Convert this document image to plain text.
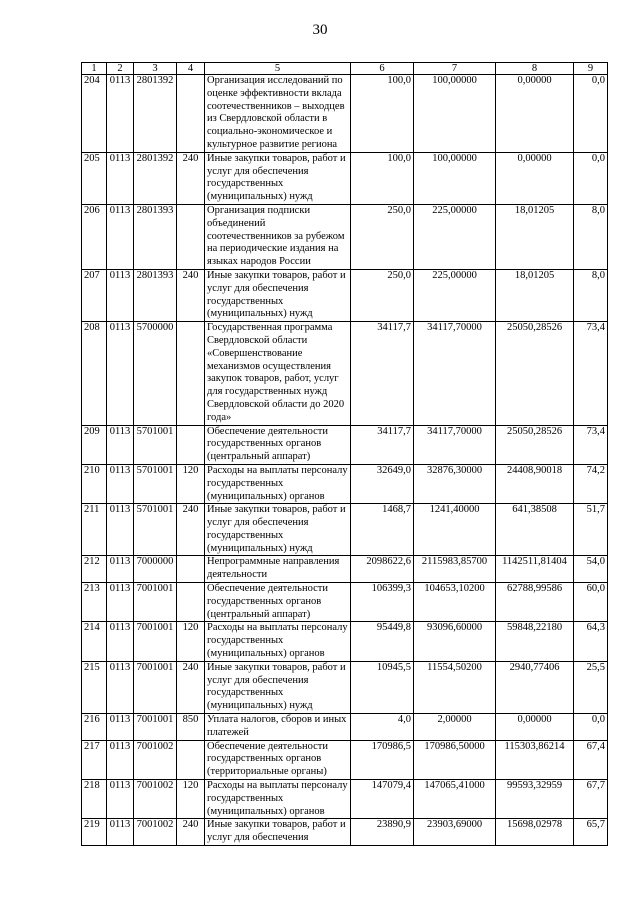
30
1	2	3	4	5	6	7	8	9
204	0113	2801392		Организация исследований по оценке эффективности вклада соотечественников – выходцев из Свердловской области в социально-экономическое и культурное развитие региона	100,0	100,00000	0,00000	0,0
205	0113	2801392	240	Иные закупки товаров, работ и услуг для обеспечения государственных (муниципальных) нужд	100,0	100,00000	0,00000	0,0
206	0113	2801393		Организация подписки объединений соотечественников за рубежом на периодические издания на языках народов России	250,0	225,00000	18,01205	8,0
207	0113	2801393	240	Иные закупки товаров, работ и услуг для обеспечения государственных (муниципальных) нужд	250,0	225,00000	18,01205	8,0
208	0113	5700000		Государственная программа Свердловской области «Совершенствование механизмов осуществления закупок товаров, работ, услуг для государственных нужд Свердловской области до 2020 года»	34117,7	34117,70000	25050,28526	73,4
209	0113	5701001		Обеспечение деятельности государственных органов (центральный аппарат)	34117,7	34117,70000	25050,28526	73,4
210	0113	5701001	120	Расходы на выплаты персоналу государственных (муниципальных) органов	32649,0	32876,30000	24408,90018	74,2
211	0113	5701001	240	Иные закупки товаров, работ и услуг для обеспечения государственных (муниципальных) нужд	1468,7	1241,40000	641,38508	51,7
212	0113	7000000		Непрограммные направления деятельности	2098622,6	2115983,85700	1142511,81404	54,0
213	0113	7001001		Обеспечение деятельности государственных органов (центральный аппарат)	106399,3	104653,10200	62788,99586	60,0
214	0113	7001001	120	Расходы на выплаты персоналу государственных (муниципальных) органов	95449,8	93096,60000	59848,22180	64,3
215	0113	7001001	240	Иные закупки товаров, работ и услуг для обеспечения государственных (муниципальных) нужд	10945,5	11554,50200	2940,77406	25,5
216	0113	7001001	850	Уплата налогов, сборов и иных платежей	4,0	2,00000	0,00000	0,0
217	0113	7001002		Обеспечение деятельности государственных органов (территориальные органы)	170986,5	170986,50000	115303,86214	67,4
218	0113	7001002	120	Расходы на выплаты персоналу государственных (муниципальных) органов	147079,4	147065,41000	99593,32959	67,7
219	0113	7001002	240	Иные закупки товаров, работ и услуг для обеспечения	23890,9	23903,69000	15698,02978	65,7
